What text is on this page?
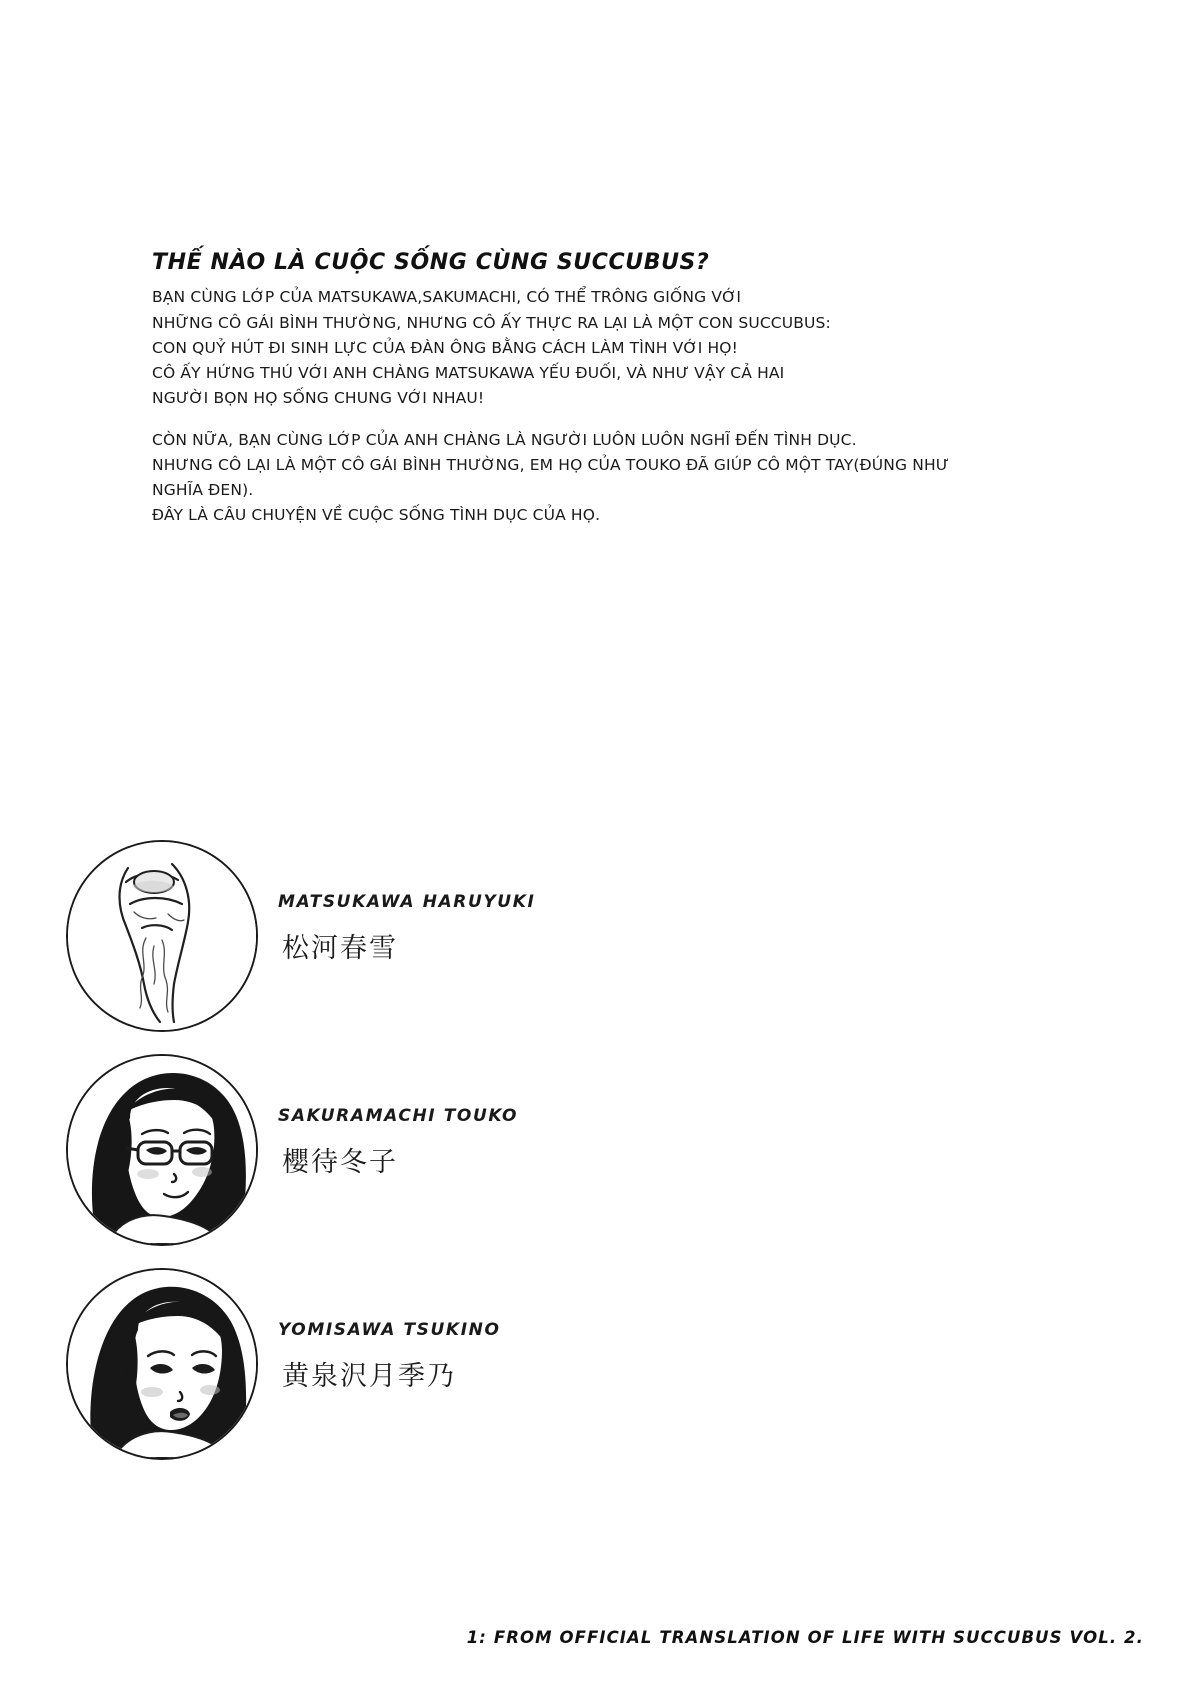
THẾ NÀO LÀ CUỘC SỐNG CÙNG SUCCUBUS?

BẠN CÙNG LỚP CỦA MATSUKAWA,SAKUMACHI, CÓ THỂ TRÔNG GIỐNG VỚI
NHỮNG CÔ GÁI BÌNH THƯỜNG, NHƯNG CÔ ẤY THỰC RA LẠI LÀ MỘT CON SUCCUBUS:
CON QUỶ HÚT ĐI SINH LỰC CỦA ĐÀN ÔNG BẰNG CÁCH LÀM TÌNH VỚI HỌ!
CÔ ẤY HỨNG THÚ VỚI ANH CHÀNG MATSUKAWA YẾU ĐUỐI, VÀ NHƯ VẬY CẢ HAI
NGƯỜI BỌN HỌ SỐNG CHUNG VỚI NHAU!

CÒN NỮA, BẠN CÙNG LỚP CỦA ANH CHÀNG LÀ NGƯỜI LUÔN LUÔN NGHĨ ĐẾN TÌNH DỤC.
NHƯNG CÔ LẠI LÀ MỘT CÔ GÁI BÌNH THƯỜNG, EM HỌ CỦA TOUKO ĐÃ GIÚP CÔ MỘT TAY(ĐÚNG NHƯ NGHĨA ĐEN).
ĐÂY LÀ CÂU CHUYỆN VỀ CUỘC SỐNG TÌNH DỤC CỦA HỌ.

MATSUKAWA HARUYUKI
松河春雪
SAKURAMACHI TOUKO
櫻待冬子
YOMISAWA TSUKINO
黄泉沢月季乃
1: FROM OFFICIAL TRANSLATION OF LIFE WITH SUCCUBUS VOL. 2.
